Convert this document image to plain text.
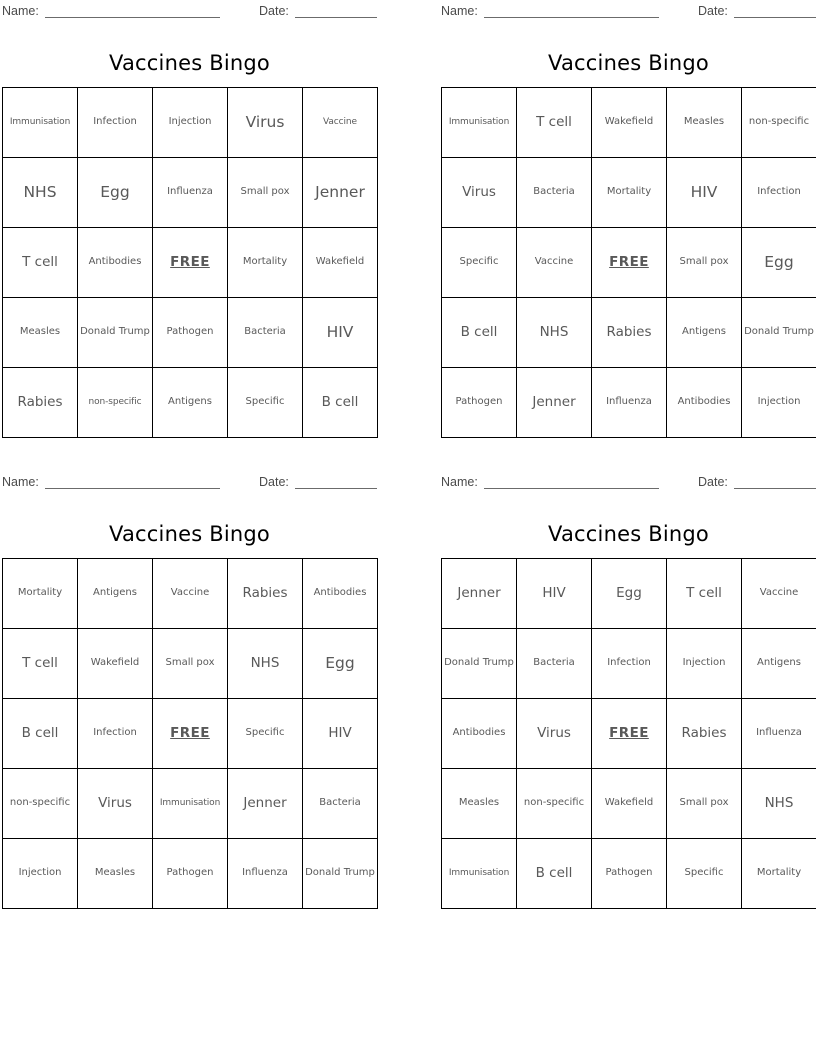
Name:	Date:
Vaccines Bingo
Immunisation	Infection	Injection	Virus	Vaccine
NHS	Egg	Influenza	Small pox	Jenner
T cell	Antibodies	FREE	Mortality	Wakefield
Measles	Donald Trump	Pathogen	Bacteria	HIV
Rabies	non-specific	Antigens	Specific	B cell
Name:	Date:
Vaccines Bingo
Immunisation	T cell	Wakefield	Measles	non-specific
Virus	Bacteria	Mortality	HIV	Infection
Specific	Vaccine	FREE	Small pox	Egg
B cell	NHS	Rabies	Antigens	Donald Trump
Pathogen	Jenner	Influenza	Antibodies	Injection
Name:	Date:
Vaccines Bingo
Mortality	Antigens	Vaccine	Rabies	Antibodies
T cell	Wakefield	Small pox	NHS	Egg
B cell	Infection	FREE	Specific	HIV
non-specific	Virus	Immunisation	Jenner	Bacteria
Injection	Measles	Pathogen	Influenza	Donald Trump
Name:	Date:
Vaccines Bingo
Jenner	HIV	Egg	T cell	Vaccine
Donald Trump	Bacteria	Infection	Injection	Antigens
Antibodies	Virus	FREE	Rabies	Influenza
Measles	non-specific	Wakefield	Small pox	NHS
Immunisation	B cell	Pathogen	Specific	Mortality
